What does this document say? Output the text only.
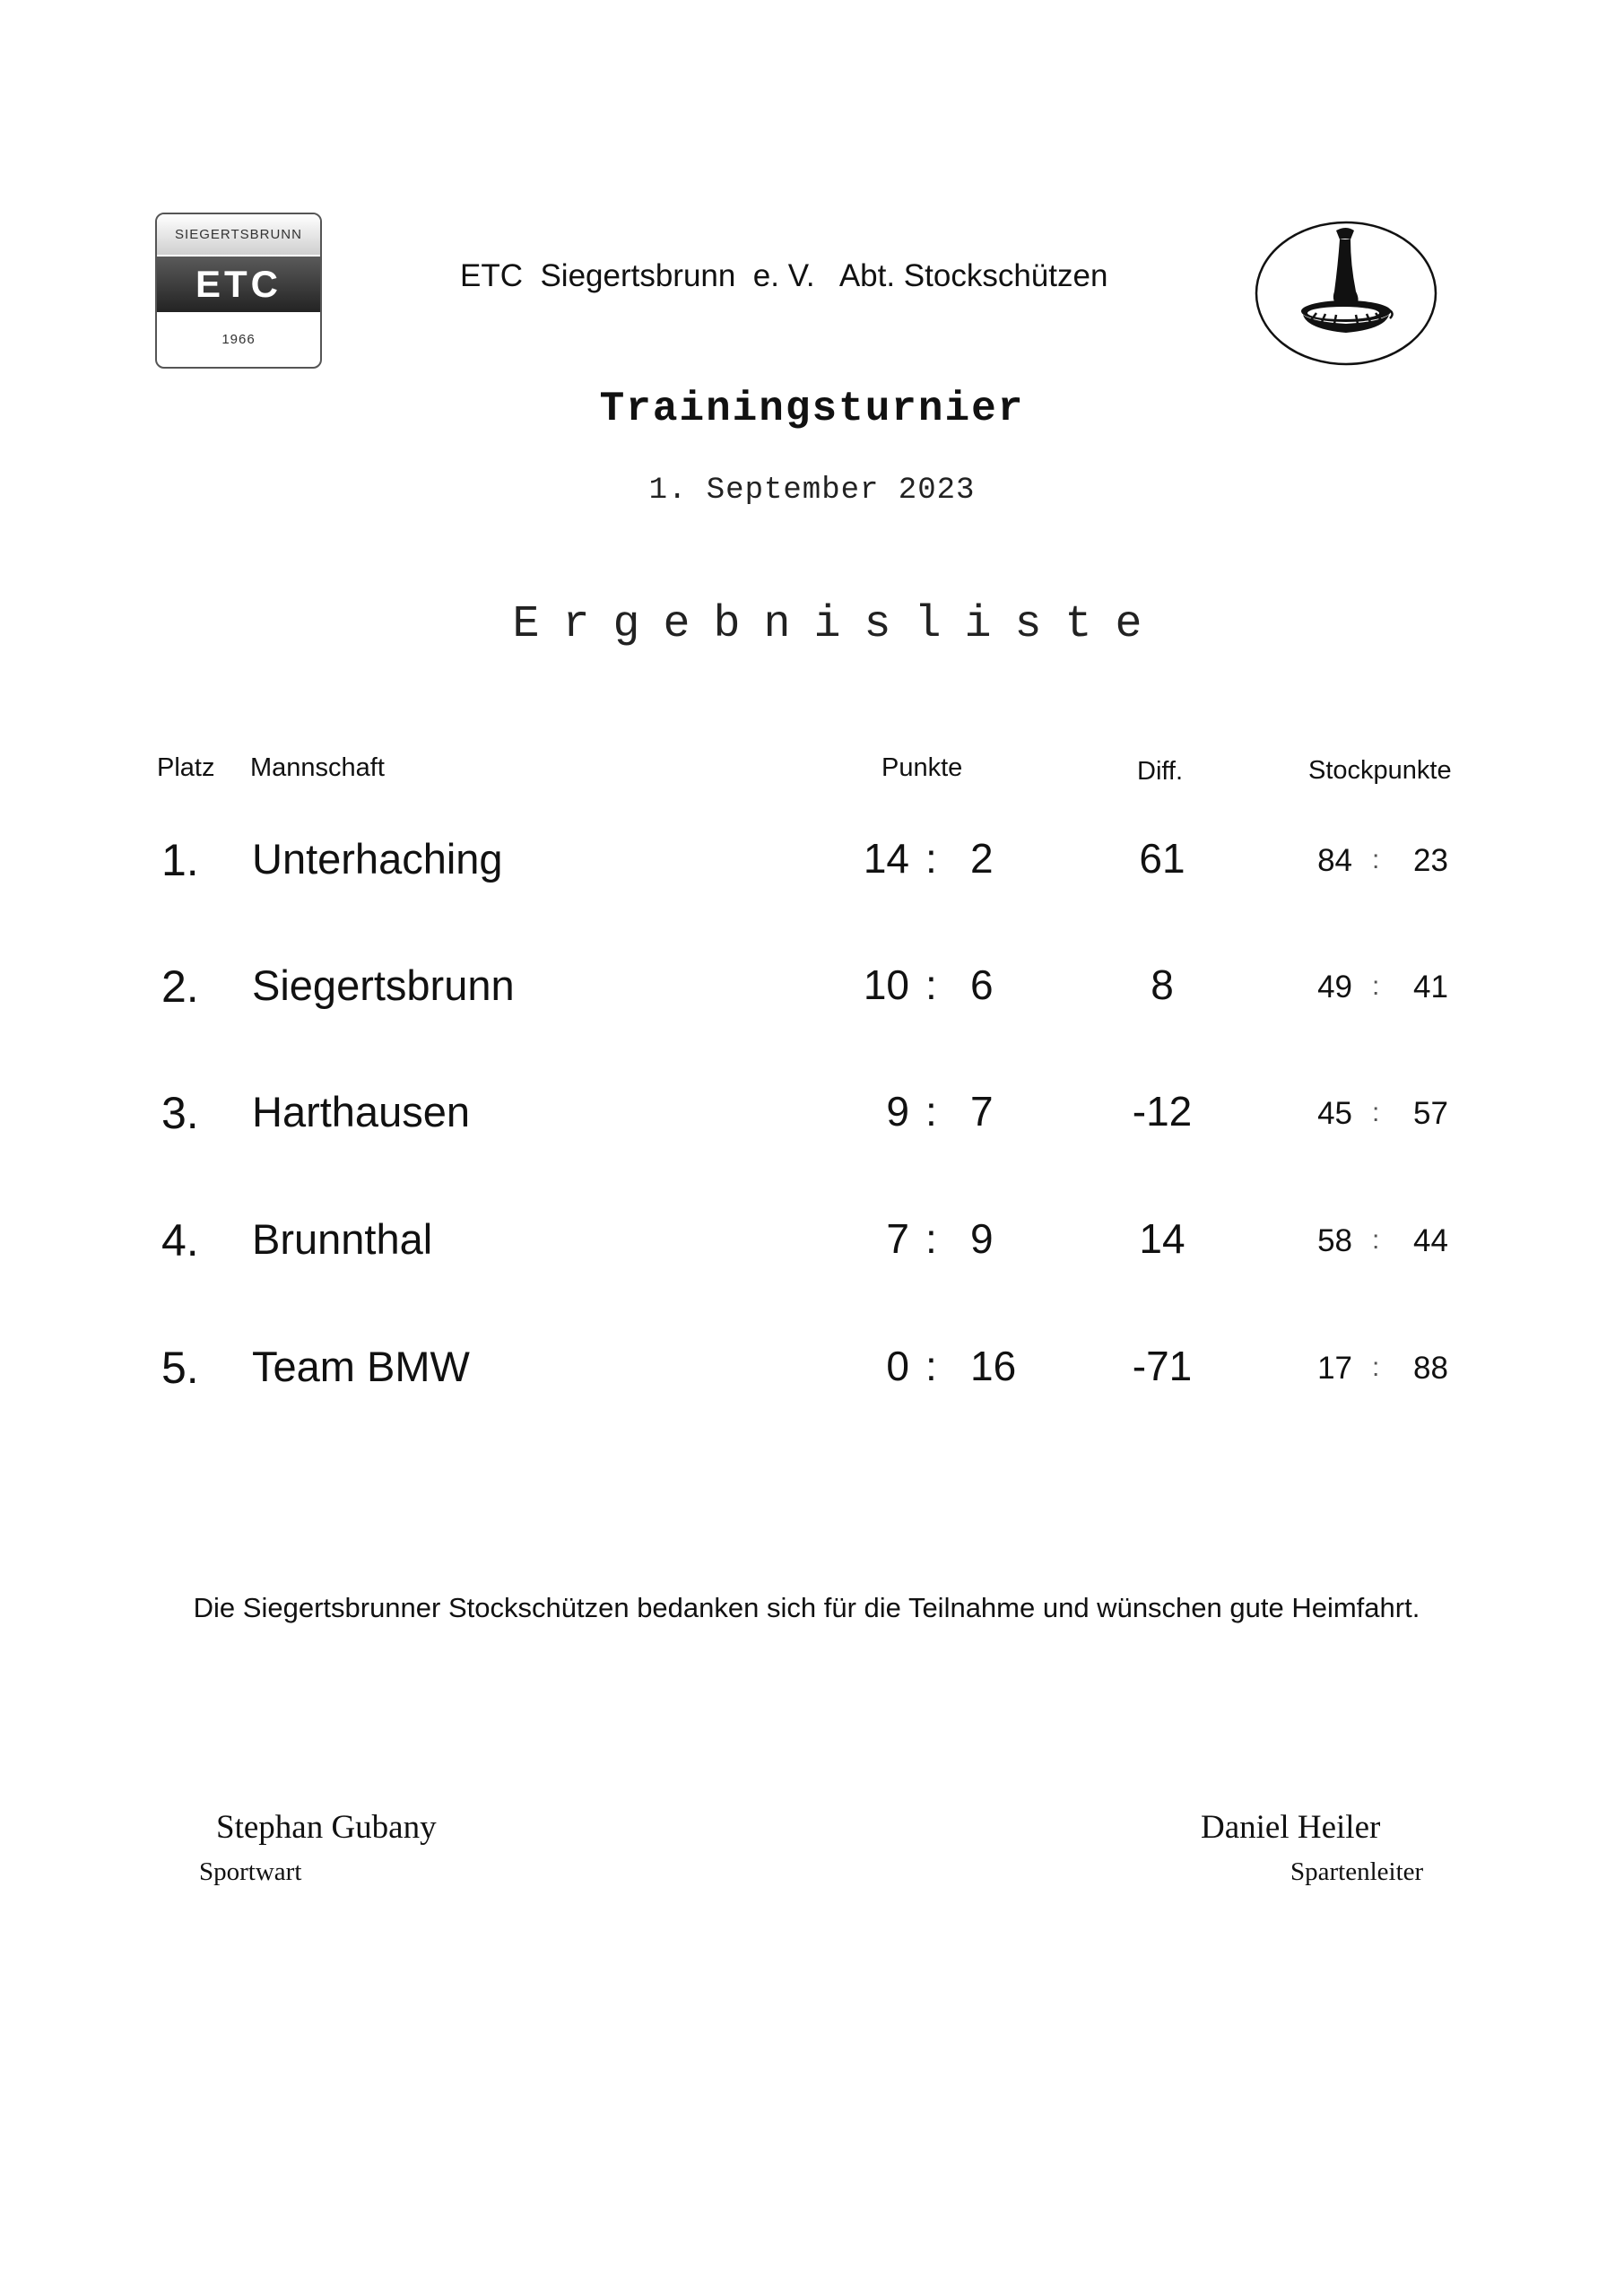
SIEGERTSBRUNN
ETC
1966
ETC  Siegertsbrunn  e. V.   Abt. Stockschützen
Trainingsturnier
1. September 2023
Ergebnisliste
Platz Mannschaft	Punkte	Diff.	Stockpunkte
1. Unterhaching	14 : 2	61	84 : 23
2. Siegertsbrunn	10 : 6	8	49 : 41
3. Harthausen	9 : 7	-12	45 : 57
4. Brunnthal	7 : 9	14	58 : 44
5. Team BMW	0 : 16	-71	17 : 88
Die Siegertsbrunner Stockschützen bedanken sich für die Teilnahme und wünschen gute Heimfahrt.
Stephan Gubany
Sportwart
Daniel Heiler
Spartenleiter
